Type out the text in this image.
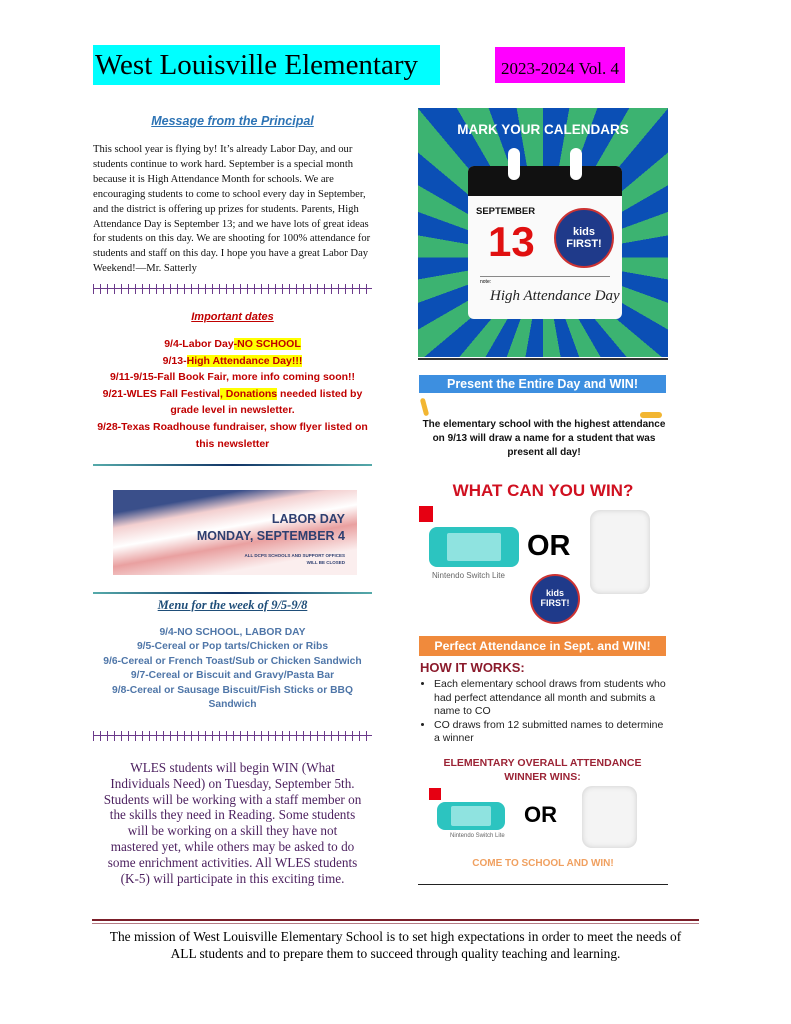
West Louisville Elementary	2023-2024 Vol. 4
Message from the Principal
This school year is flying by! It’s already Labor Day, and our students continue to work hard. September is a special month because it is High Attendance Month for schools. We are encouraging students to come to school every day in September, and the district is offering up prizes for students. Parents, High Attendance Day is September 13; and we have lots of great ideas for students on this day. We are shooting for 100% attendance for students and staff on this day. I hope you have a great Labor Day Weekend!—Mr. Satterly
Important dates
9/4-Labor Day-NO SCHOOL
9/13-High Attendance Day!!!
9/11-9/15-Fall Book Fair, more info coming soon!!
9/21-WLES Fall Festival, Donations needed listed by grade level in newsletter.
9/28-Texas Roadhouse fundraiser, show flyer listed on this newsletter
LABOR DAY
MONDAY, SEPTEMBER 4
ALL DCPS SCHOOLS AND SUPPORT OFFICES WILL BE CLOSED
Menu for the week of 9/5-9/8
9/4-NO SCHOOL, LABOR DAY
9/5-Cereal or Pop tarts/Chicken or Ribs
9/6-Cereal or French Toast/Sub or Chicken Sandwich
9/7-Cereal or Biscuit and Gravy/Pasta Bar
9/8-Cereal or Sausage Biscuit/Fish Sticks or BBQ Sandwich
WLES students will begin WIN (What Individuals Need) on Tuesday, September 5th. Students will be working with a staff member on the skills they need in Reading. Some students will be working on a skill they have not mastered yet, while others may be asked to do some enrichment activities. All WLES students (K-5) will participate in this exciting time.
MARK YOUR CALENDARS
SEPTEMBER
13	kids FIRST!
note:
High Attendance Day
Present the Entire Day and WIN!
The elementary school with the highest attendance on 9/13 will draw a name for a student that was present all day!
WHAT CAN YOU WIN?
Nintendo Switch Lite
OR
kids FIRST!
Perfect Attendance in Sept. and WIN!
HOW IT WORKS:
• Each elementary school draws from students who had perfect attendance all month and submits a name to CO
• CO draws from 12 submitted names to determine a winner
ELEMENTARY OVERALL ATTENDANCE WINNER WINS:
Nintendo Switch Lite
OR
COME TO SCHOOL AND WIN!
The mission of West Louisville Elementary School is to set high expectations in order to meet the needs of ALL students and to prepare them to succeed through quality teaching and learning.
